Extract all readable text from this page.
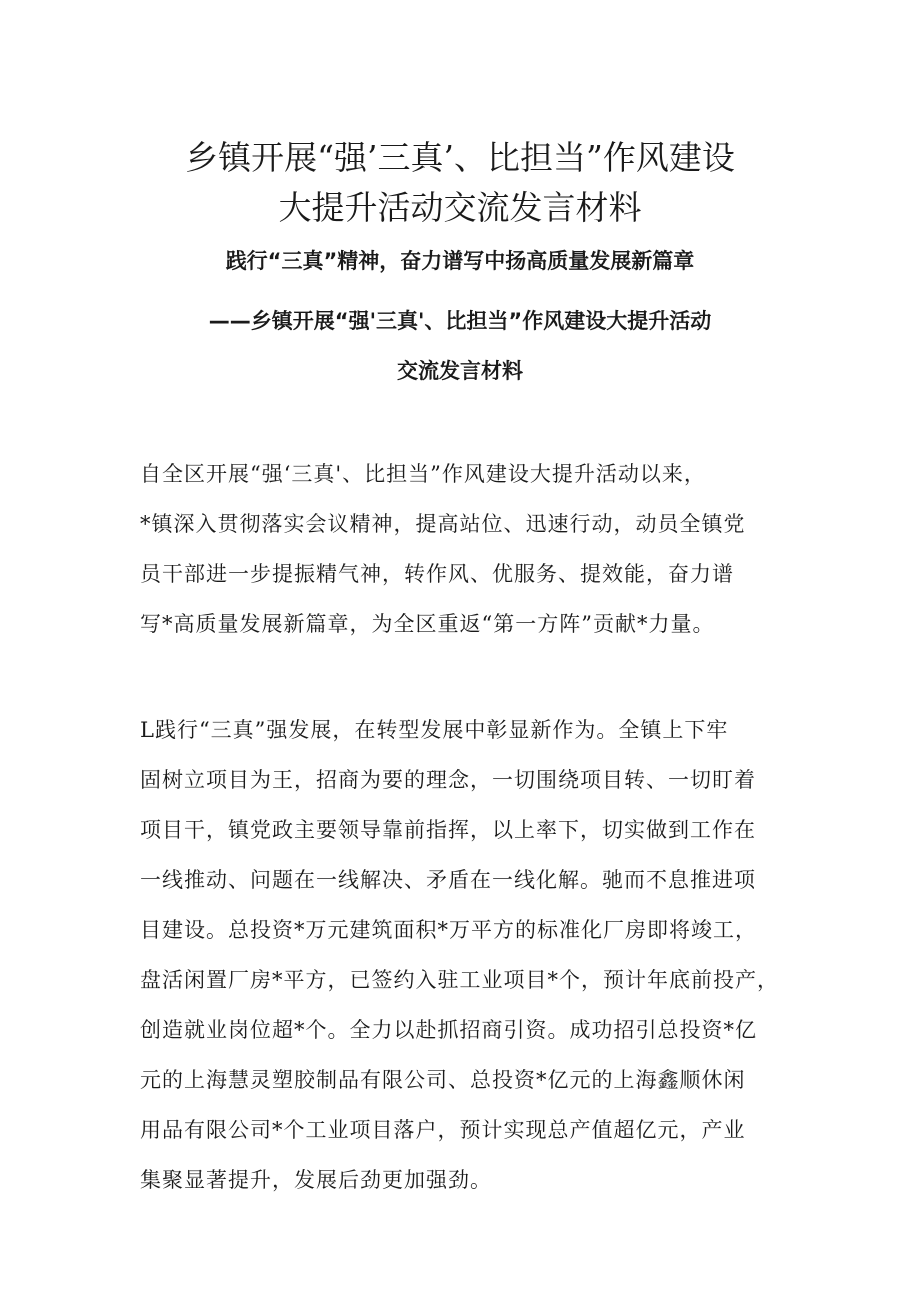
乡镇开展“强’三真’、比担当”作风建设
大提升活动交流发言材料
践行“三真”精神，奋力谱写中扬高质量发展新篇章
——乡镇开展“强'三真'、比担当”作风建设大提升活动
交流发言材料
自全区开展“强‘三真'、比担当”作风建设大提升活动以来，
*镇深入贯彻落实会议精神，提高站位、迅速行动，动员全镇党
员干部进一步提振精气神，转作风、优服务、提效能，奋力谱
写*高质量发展新篇章，为全区重返“第一方阵”贡献*力量。
L践行“三真”强发展，在转型发展中彰显新作为。全镇上下牢
固树立项目为王，招商为要的理念，一切围绕项目转、一切盯着
项目干，镇党政主要领导靠前指挥，以上率下，切实做到工作在
一线推动、问题在一线解决、矛盾在一线化解。驰而不息推进项
目建设。总投资*万元建筑面积*万平方的标准化厂房即将竣工，
盘活闲置厂房*平方，已签约入驻工业项目*个，预计年底前投产，
创造就业岗位超*个。全力以赴抓招商引资。成功招引总投资*亿
元的上海慧灵塑胶制品有限公司、总投资*亿元的上海鑫顺休闲
用品有限公司*个工业项目落户，预计实现总产值超亿元，产业
集聚显著提升，发展后劲更加强劲。
